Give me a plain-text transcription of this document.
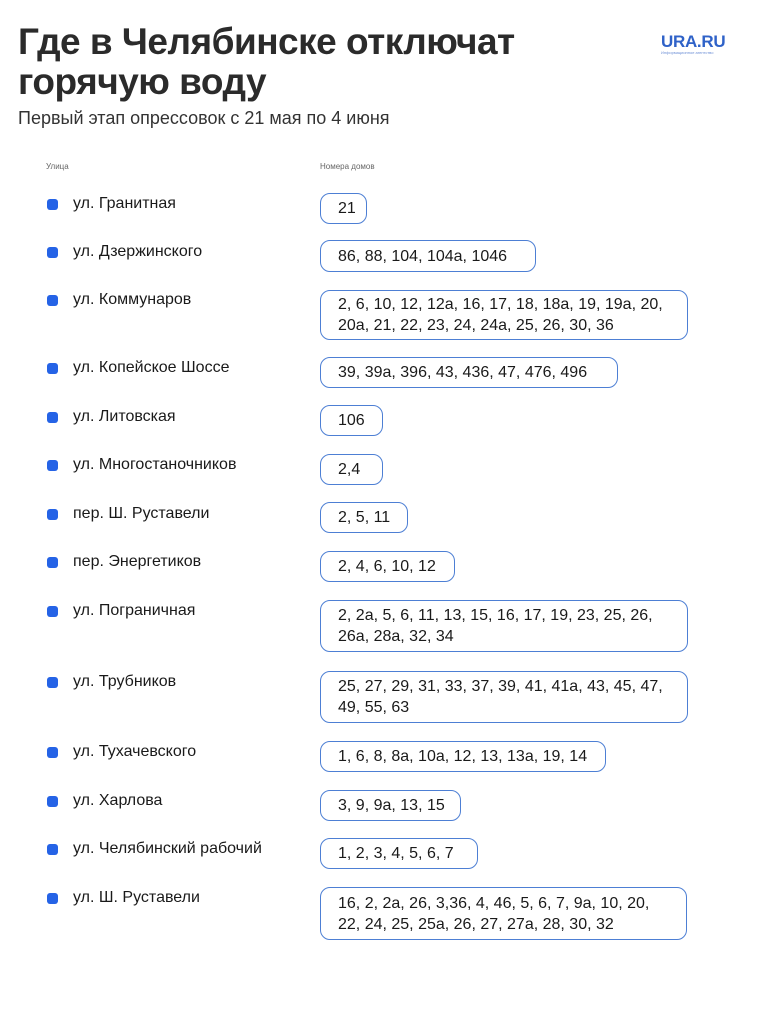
Где в Челябинске отключат горячую воду
URA.RU
Информационное агентство
Первый этап опрессовок с 21 мая по 4 июня
Улица	Номера домов
ул. Гранитная	21
ул. Дзержинского	86, 88, 104, 104а, 1046
ул. Коммунаров	2, 6, 10, 12, 12а, 16, 17, 18, 18а, 19, 19а, 20, 20а, 21, 22, 23, 24, 24а, 25, 26, 30, 36
ул. Копейское Шоссе	39, 39а, 396, 43, 436, 47, 476, 496
ул. Литовская	106
ул. Многостаночников	2,4
пер. Ш. Руставели	2, 5, 11
пер. Энергетиков	2, 4, 6, 10, 12
ул. Пограничная	2, 2а, 5, 6, 11, 13, 15, 16, 17, 19, 23, 25, 26, 26а, 28а, 32, 34
ул. Трубников	25, 27, 29, 31, 33, 37, 39, 41, 41а, 43, 45, 47, 49, 55, 63
ул. Тухачевского	1, 6, 8, 8а, 10а, 12, 13, 13а, 19, 14
ул. Харлова	3, 9, 9а, 13, 15
ул. Челябинский рабочий	1, 2, 3, 4, 5, 6, 7
ул. Ш. Руставели	16, 2, 2а, 26, 3,36, 4, 46, 5, 6, 7, 9а, 10, 20, 22, 24, 25, 25а, 26, 27, 27а, 28, 30, 32
